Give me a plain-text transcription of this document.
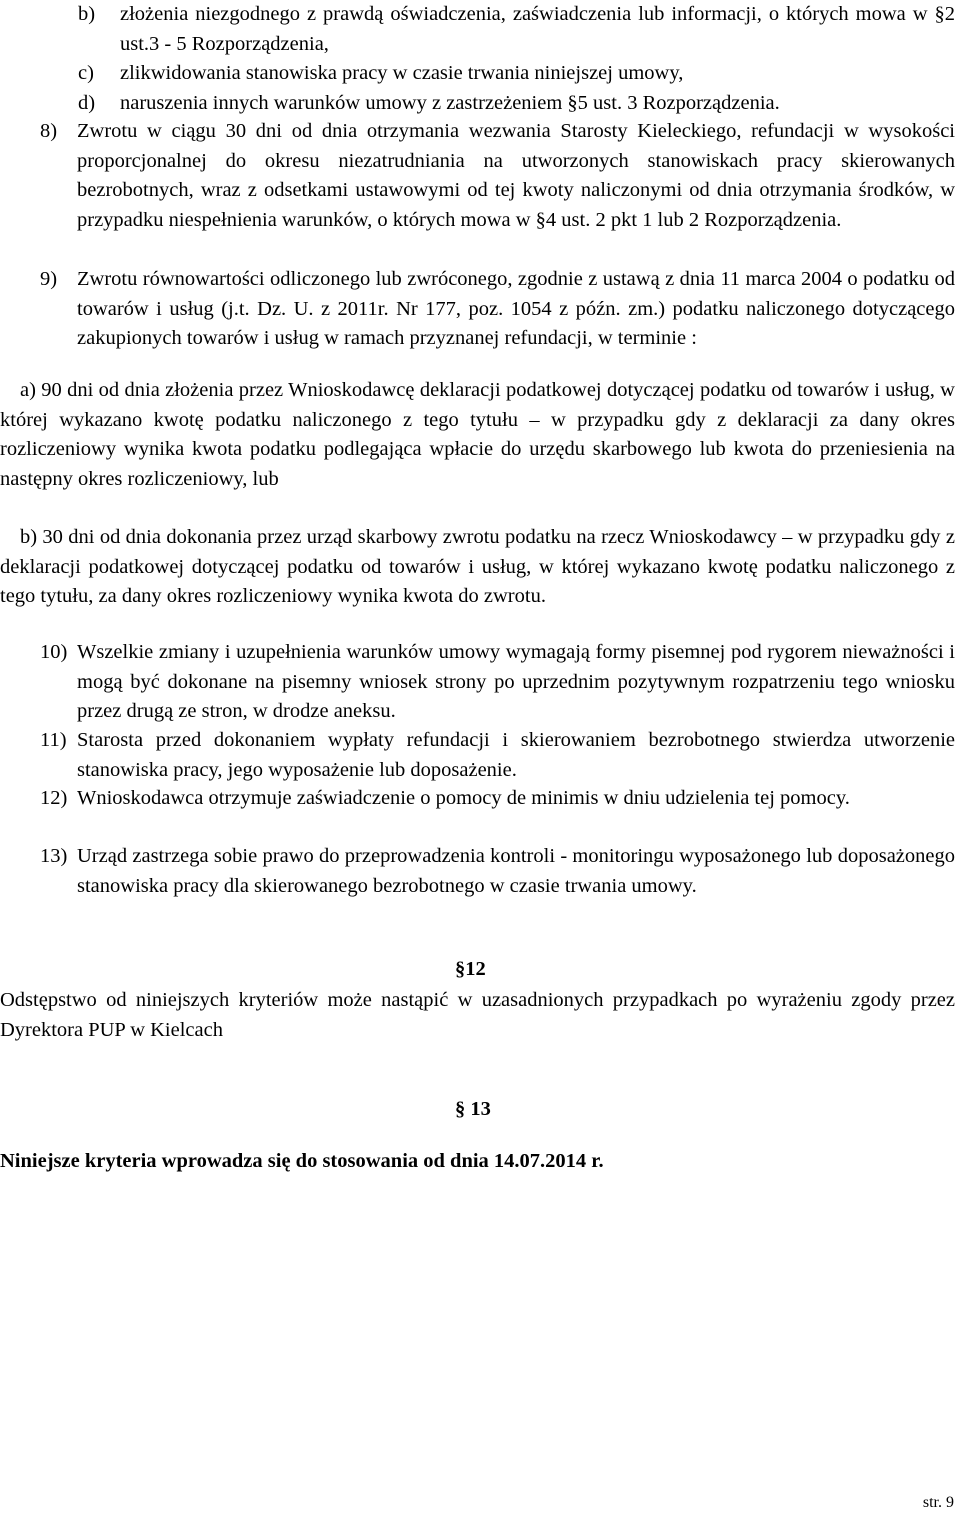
b)	złożenia niezgodnego z prawdą oświadczenia, zaświadczenia lub informacji, o których mowa w §2 ust.3 - 5 Rozporządzenia,
c)	zlikwidowania stanowiska pracy w czasie trwania niniejszej umowy,
d)	naruszenia innych warunków umowy z zastrzeżeniem §5 ust. 3 Rozporządzenia.
8) Zwrotu w ciągu 30 dni od dnia otrzymania wezwania Starosty Kieleckiego, refundacji w wysokości proporcjonalnej do okresu niezatrudniania na utworzonych stanowiskach pracy skierowanych bezrobotnych, wraz z odsetkami ustawowymi od tej kwoty naliczonymi od dnia otrzymania środków, w przypadku niespełnienia warunków, o których mowa w §4 ust. 2 pkt 1 lub 2 Rozporządzenia.
9) Zwrotu równowartości odliczonego lub zwróconego, zgodnie z ustawą z dnia 11 marca 2004 o podatku od towarów i usług (j.t. Dz. U. z 2011r. Nr 177, poz. 1054 z późn. zm.) podatku naliczonego dotyczącego zakupionych towarów i usług w ramach przyznanej refundacji, w terminie :
a) 90 dni od dnia złożenia przez Wnioskodawcę deklaracji podatkowej dotyczącej podatku od towarów i usług, w której wykazano kwotę podatku naliczonego z tego tytułu – w przypadku gdy z deklaracji za dany okres rozliczeniowy wynika kwota podatku podlegająca wpłacie do urzędu skarbowego lub kwota do przeniesienia na następny okres rozliczeniowy, lub
b) 30 dni od dnia dokonania przez urząd skarbowy zwrotu podatku na rzecz Wnioskodawcy – w przypadku gdy z deklaracji podatkowej dotyczącej podatku od towarów i usług, w której wykazano kwotę podatku naliczonego z tego tytułu, za dany okres rozliczeniowy wynika kwota do zwrotu.
10) Wszelkie zmiany i uzupełnienia warunków umowy wymagają formy pisemnej pod rygorem nieważności i mogą być dokonane na pisemny wniosek strony po uprzednim pozytywnym rozpatrzeniu tego wniosku przez drugą ze stron, w drodze aneksu.
11) Starosta przed dokonaniem wypłaty refundacji i skierowaniem bezrobotnego stwierdza utworzenie stanowiska pracy, jego wyposażenie lub doposażenie.
12) Wnioskodawca otrzymuje zaświadczenie o pomocy de minimis w dniu udzielenia tej pomocy.
13) Urząd zastrzega sobie prawo do przeprowadzenia kontroli - monitoringu wyposażonego lub doposażonego stanowiska pracy dla skierowanego bezrobotnego w czasie trwania umowy.
§12
Odstępstwo od niniejszych kryteriów może nastąpić w uzasadnionych przypadkach po wyrażeniu zgody przez Dyrektora PUP w Kielcach
§ 13
Niniejsze kryteria wprowadza się do stosowania od dnia 14.07.2014 r.
str. 9
